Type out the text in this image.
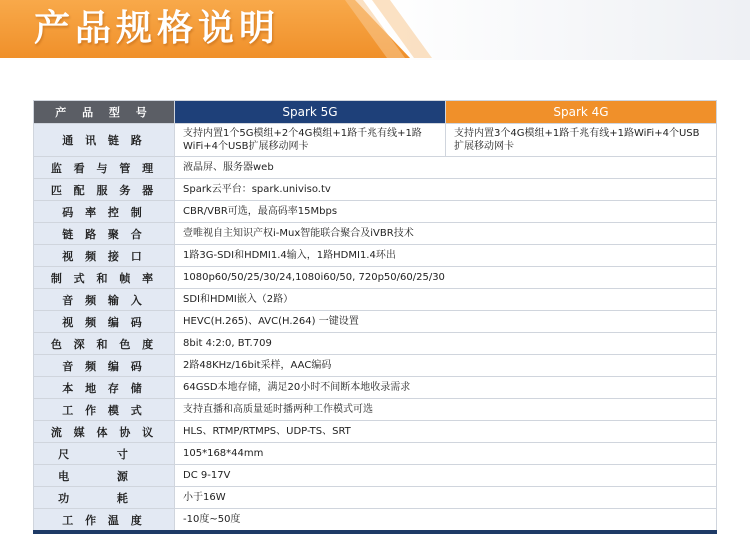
产品规格说明
产 品 型 号	Spark 5G	Spark 4G
通 讯 链 路	支持内置1个5G模组+2个4G模组+1路千兆有线+1路WiFi+4个USB扩展移动网卡	支持内置3个4G模组+1路千兆有线+1路WiFi+4个USB扩展移动网卡
监 看 与 管 理	液晶屏、服务器web	
匹 配 服 务 器	Spark云平台：spark.univiso.tv	
码 率 控 制	CBR/VBR可选，最高码率15Mbps	
链 路 聚 合	壹唯视自主知识产权i-Mux智能联合聚合及iVBR技术	
视 频 接 口	1路3G-SDI和HDMI1.4输入，1路HDMI1.4环出	
制 式 和 帧 率	1080p60/50/25/30/24,1080i60/50, 720p50/60/25/30	
音 频 输 入	SDI和HDMI嵌入（2路）	
视 频 编 码	HEVC(H.265)、AVC(H.264) 一键设置	
色 深 和 色 度	8bit 4:2:0, BT.709	
音 频 编 码	2路48KHz/16bit采样，AAC编码	
本 地 存 储	64GSD本地存储，满足20小时不间断本地收录需求	
工 作 模 式	支持直播和高质量延时播两种工作模式可选	
流 媒 体 协 议	HLS、RTMP/RTMPS、UDP-TS、SRT	
尺 寸	105*168*44mm	
电 源	DC 9-17V	
功 耗	小于16W	
工 作 温 度	-10度~50度	
